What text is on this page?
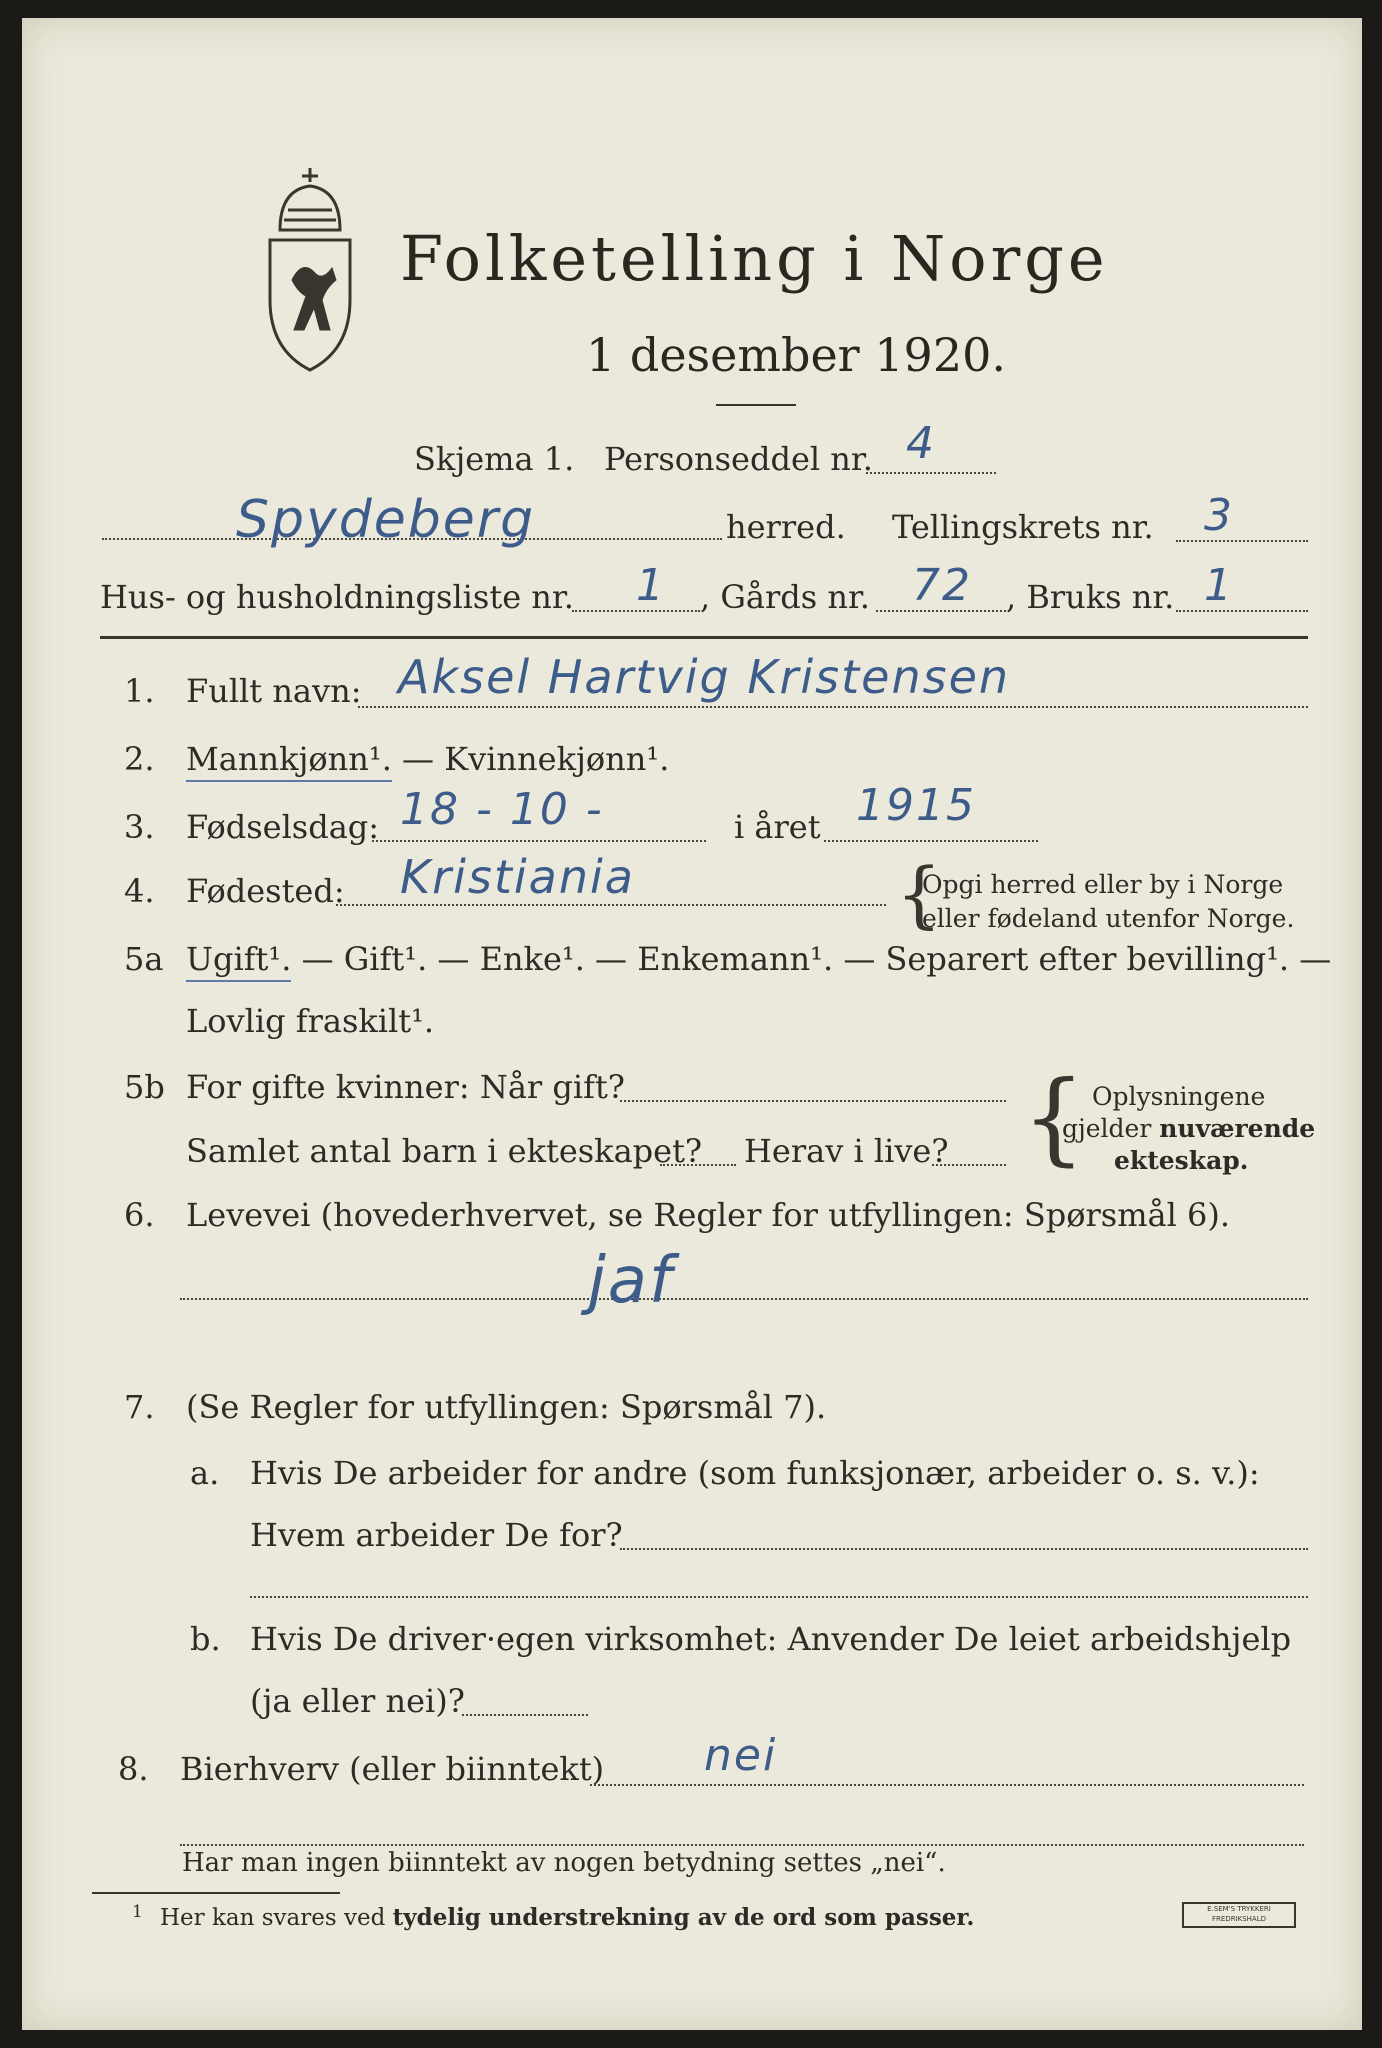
Folketelling i Norge
1 desember 1920.
Skjema 1. Personseddel nr. 4
Spydeberg	herred. Tellingskrets nr. 3
Hus- og husholdningsliste nr. 1 , Gårds nr. 72 , Bruks nr. 1
1. Fullt navn: Aksel Hartvig Kristensen
2. Mannkjønn¹. — Kvinnekjønn¹.
3. Fødselsdag: 18 - 10 -	i året 1915
4. Fødested: Kristiania	{
Opgi herred eller by i Norge
eller fødeland utenfor Norge.
5a Ugift¹. — Gift¹. — Enke¹. — Enkemann¹. — Separert efter bevilling¹. —
Lovlig fraskilt¹.
5b For gifte kvinner: Når gift?
Samlet antal barn i ekteskapet? Herav i live? { Oplysningene
gjelder nuværende
ekteskap.
6. Levevei (hovederhvervet, se Regler for utfyllingen: Spørsmål 6).
jaf
7. (Se Regler for utfyllingen: Spørsmål 7).
a. Hvis De arbeider for andre (som funksjonær, arbeider o. s. v.):
Hvem arbeider De for?
b. Hvis De driver·egen virksomhet: Anvender De leiet arbeidshjelp
(ja eller nei)?
8. Bierhverv (eller biinntekt) nei
Har man ingen biinntekt av nogen betydning settes „nei“.
1 Her kan svares ved tydelig understrekning av de ord som passer.	E.SEM'S TRYKKERI FREDRIKSHALD
